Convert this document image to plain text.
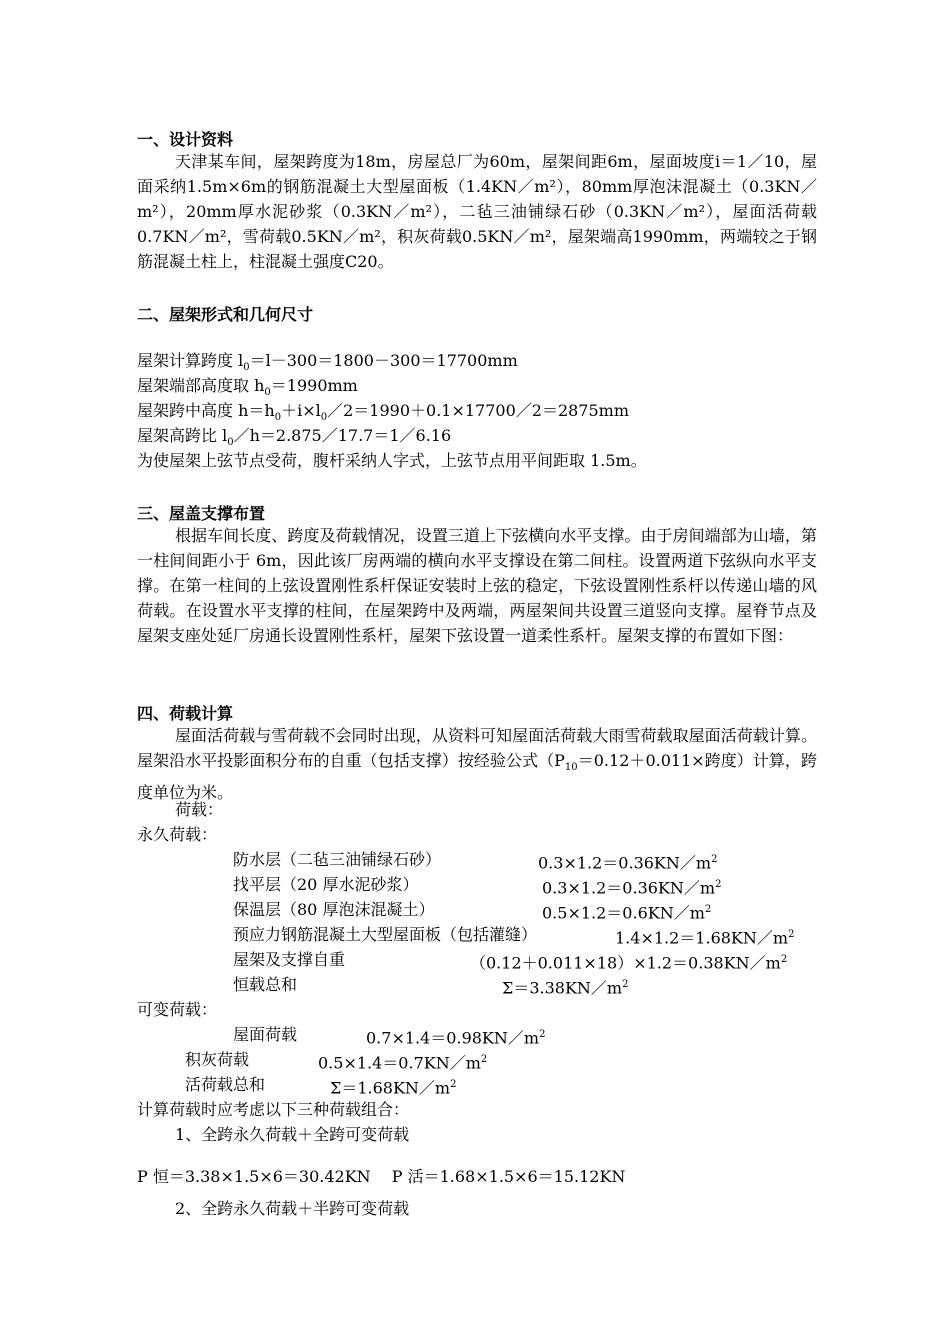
一、设计资料

天津某车间，屋架跨度为18m，房屋总厂为60m，屋架间距6m，屋面坡度i＝1／10，屋面采纳1.5m×6m的钢筋混凝土大型屋面板（1.4KN／m²），80mm厚泡沫混凝土（0.3KN／m²），20mm厚水泥砂浆（0.3KN／m²），二毡三油铺绿石砂（0.3KN／m²），屋面活荷载0.7KN／m²，雪荷载0.5KN／m²，积灰荷载0.5KN／m²，屋架端高1990mm，两端较之于钢筋混凝土柱上，柱混凝土强度C20。

二、屋架形式和几何尺寸
屋架计算跨度 $l_0=l-300=1800-300=17700mm$
屋架端部高度取 $h_0=1990mm$
屋架跨中高度 $h=h_0+i\times l_0/2=1990+0.1\times 17700/2=2875mm$
屋架高跨比 $l_0/h=2.875/17.7=1/6.16$
为使屋架上弦节点受荷，腹杆采纳人字式，上弦节点用平间距取 1.5m。
三、屋盖支撑布置

根据车间长度、跨度及荷载情况，设置三道上下弦横向水平支撑。由于房间端部为山墙，第一柱间间距小于 6m，因此该厂房两端的横向水平支撑设在第二间柱。设置两道下弦纵向水平支撑。在第一柱间的上弦设置刚性系杆保证安装时上弦的稳定，下弦设置刚性系杆以传递山墙的风荷载。在设置水平支撑的柱间，在屋架跨中及两端，两屋架间共设置三道竖向支撑。屋脊节点及屋架支座处延厂房通长设置刚性系杆，屋架下弦设置一道柔性系杆。屋架支撑的布置如下图：

四、荷载计算

屋面活荷载与雪荷载不会同时出现，从资料可知屋面活荷载大雨雪荷载取屋面活荷载计算。屋架沿水平投影面积分布的自重（包括支撑）按经验公式（$P_{10}=0.12+0.011\times$跨度）计算，跨度单位为米。

荷载：
永久荷载：
防水层（二毡三油铺绿石砂）	$0.3\times 1.2=0.36KN/m^2$
找平层（20 厚水泥砂浆）	$0.3\times 1.2=0.36KN/m^2$
保温层（80 厚泡沫混凝土）	$0.5\times 1.2=0.6KN/m^2$
预应力钢筋混凝土大型屋面板（包括灌缝）	$1.4\times 1.2=1.68KN/m^2$
屋架及支撑自重	$(0.12+0.011\times 18)\times 1.2=0.38KN/m^2$
恒载总和	$\Sigma=3.38KN/m^2$
可变荷载：
屋面荷载	$0.7\times 1.4=0.98KN/m^2$
积灰荷载	$0.5\times 1.4=0.7KN/m^2$
活荷载总和	$\Sigma=1.68KN/m^2$
计算荷载时应考虑以下三种荷载组合：
1、全跨永久荷载＋全跨可变荷载
P 恒＝3.38×1.5×6＝30.42KN　 P 活＝1.68×1.5×6＝15.12KN
2、全跨永久荷载＋半跨可变荷载
